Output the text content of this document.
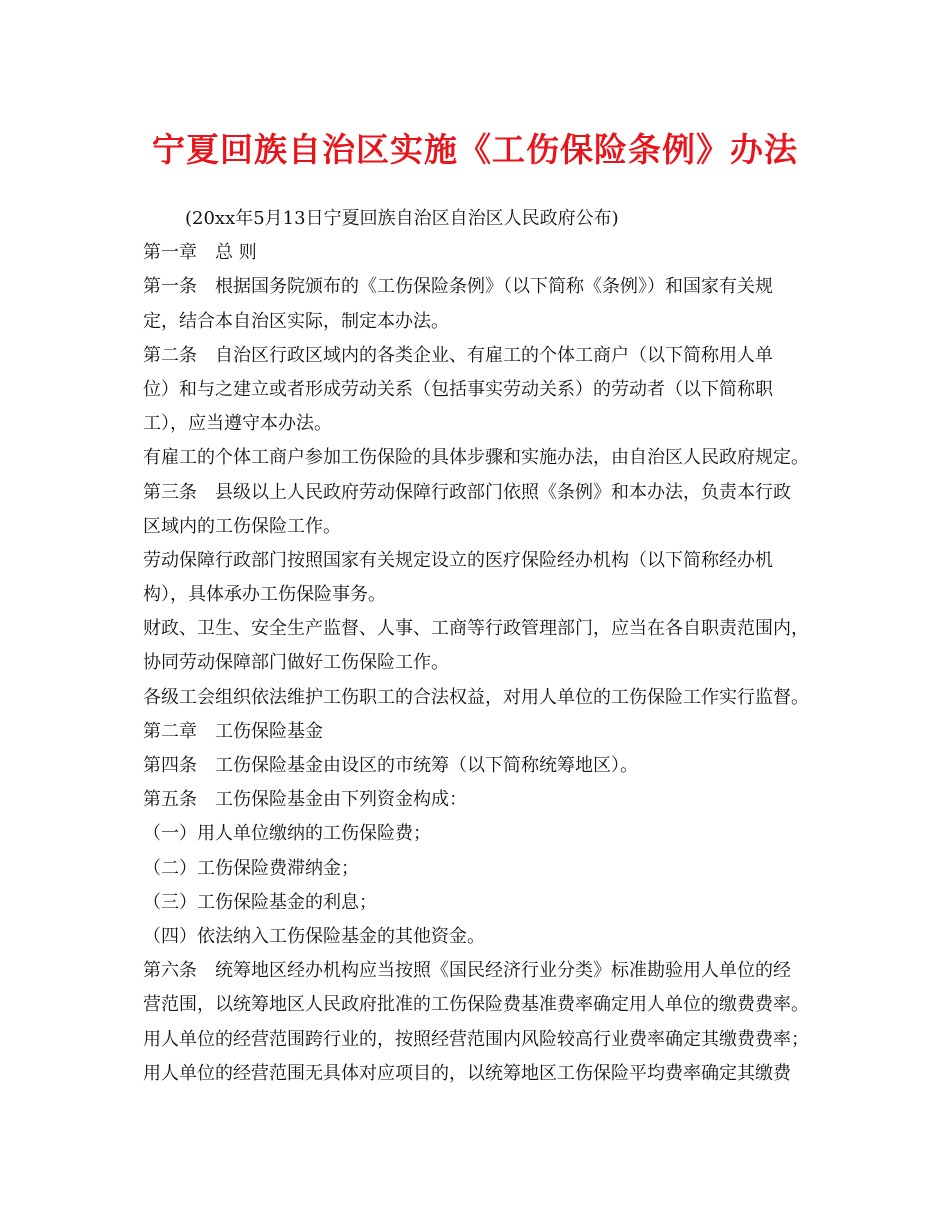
宁夏回族自治区实施《工伤保险条例》办法
(20xx年5月13日宁夏回族自治区自治区人民政府公布)
第一章　总 则
第一条　根据国务院颁布的《工伤保险条例》（以下简称《条例》）和国家有关规
定，结合本自治区实际，制定本办法。
第二条　自治区行政区域内的各类企业、有雇工的个体工商户（以下简称用人单
位）和与之建立或者形成劳动关系（包括事实劳动关系）的劳动者（以下简称职
工），应当遵守本办法。
有雇工的个体工商户参加工伤保险的具体步骤和实施办法，由自治区人民政府规定。
第三条　县级以上人民政府劳动保障行政部门依照《条例》和本办法，负责本行政
区域内的工伤保险工作。
劳动保障行政部门按照国家有关规定设立的医疗保险经办机构（以下简称经办机
构），具体承办工伤保险事务。
财政、卫生、安全生产监督、人事、工商等行政管理部门，应当在各自职责范围内，
协同劳动保障部门做好工伤保险工作。
各级工会组织依法维护工伤职工的合法权益，对用人单位的工伤保险工作实行监督。
第二章　工伤保险基金
第四条　工伤保险基金由设区的市统筹（以下简称统筹地区）。
第五条　工伤保险基金由下列资金构成：
（一）用人单位缴纳的工伤保险费；
（二）工伤保险费滞纳金；
（三）工伤保险基金的利息；
（四）依法纳入工伤保险基金的其他资金。
第六条　统筹地区经办机构应当按照《国民经济行业分类》标准勘验用人单位的经
营范围，以统筹地区人民政府批准的工伤保险费基准费率确定用人单位的缴费费率。
用人单位的经营范围跨行业的，按照经营范围内风险较高行业费率确定其缴费费率；
用人单位的经营范围无具体对应项目的，以统筹地区工伤保险平均费率确定其缴费
